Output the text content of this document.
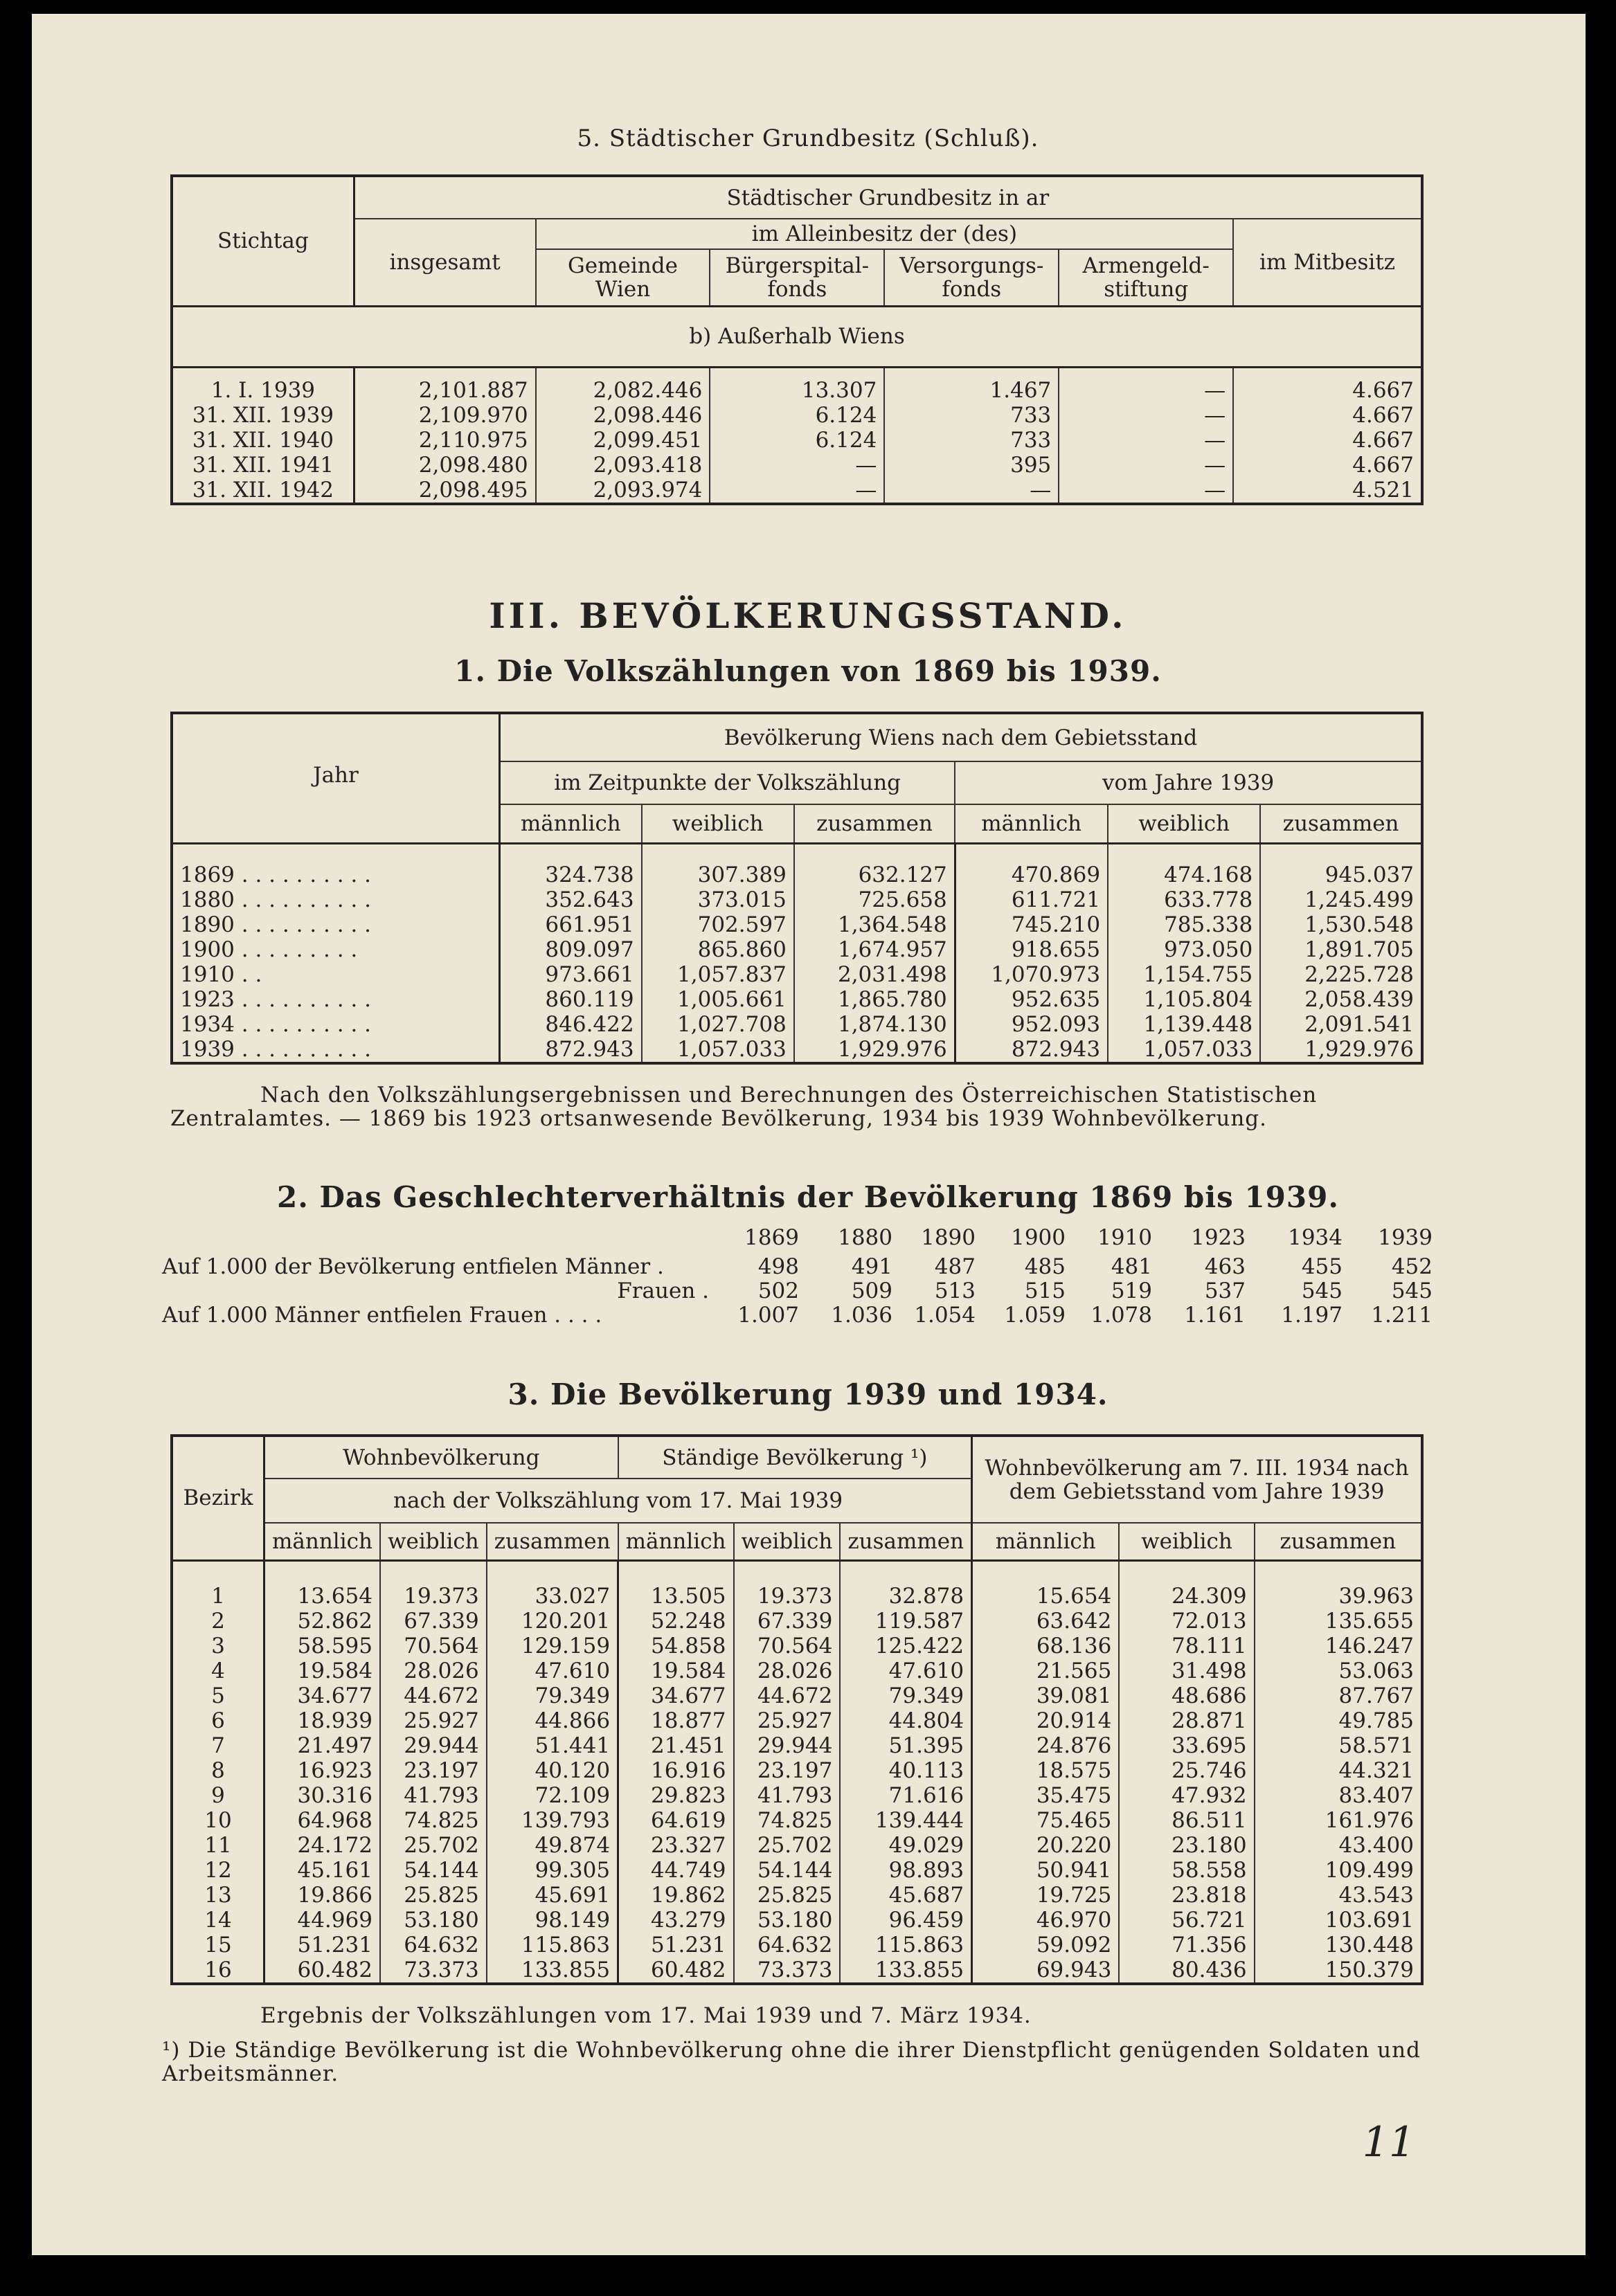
5. Städtischer Grundbesitz (Schluß).
Stichtag	Städtischer Grundbesitz in ar					
	insgesamt	im Alleinbesitz der (des)				im Mitbesitz
		Gemeinde Wien	Bürgerspital-fonds	Versorgungs-fonds	Armengeld-stiftung	
b) Außerhalb Wiens						
1. I. 1939	2,101.887	2,082.446	13.307	1.467	—	4.667
31. XII. 1939	2,109.970	2,098.446	6.124	733	—	4.667
31. XII. 1940	2,110.975	2,099.451	6.124	733	—	4.667
31. XII. 1941	2,098.480	2,093.418	—	395	—	4.667
31. XII. 1942	2,098.495	2,093.974	—	—	—	4.521
III. BEVÖLKERUNGSSTAND.
1. Die Volkszählungen von 1869 bis 1939.
Jahr	Bevölkerung Wiens nach dem Gebietsstand					
	im Zeitpunkte der Volkszählung			vom Jahre 1939		
	männlich	weiblich	zusammen	männlich	weiblich	zusammen
1869 . . . . . . . . . .	324.738	307.389	632.127	470.869	474.168	945.037
1880 . . . . . . . . . .	352.643	373.015	725.658	611.721	633.778	1,245.499
1890 . . . . . . . . . .	661.951	702.597	1,364.548	745.210	785.338	1,530.548
1900 . . . . . . . . .	809.097	865.860	1,674.957	918.655	973.050	1,891.705
1910 . .	973.661	1,057.837	2,031.498	1,070.973	1,154.755	2,225.728
1923 . . . . . . . . . .	860.119	1,005.661	1,865.780	952.635	1,105.804	2,058.439
1934 . . . . . . . . . .	846.422	1,027.708	1,874.130	952.093	1,139.448	2,091.541
1939 . . . . . . . . . .	872.943	1,057.033	1,929.976	872.943	1,057.033	1,929.976
Nach den Volkszählungsergebnissen und Berechnungen des Österreichischen Statistischen Zentralamtes. — 1869 bis 1923 ortsanwesende Bevölkerung, 1934 bis 1939 Wohnbevölkerung.
2. Das Geschlechterverhältnis der Bevölkerung 1869 bis 1939.
1869	1880	1890	1900	1910	1923	1934	1939
Auf 1.000 der Bevölkerung entfielen Männer .	498	491	487	485	481	463	455	452
Frauen .	502	509	513	515	519	537	545	545
Auf 1.000 Männer entfielen Frauen . . . .	1.007 1.036 1.054 1.059 1.078 1.161 1.197 1.211
3. Die Bevölkerung 1939 und 1934.
Bezirk	Wohnbevölkerung			Ständige Bevölkerung ¹)			Wohnbevölkerung am 7. III. 1934 nach dem Gebietsstand vom Jahre 1939		
	nach der Volkszählung vom 17. Mai 1939								
	männlich	weiblich	zusammen	männlich	weiblich	zusammen	männlich	weiblich	zusammen
1	13.654	19.373	33.027	13.505	19.373	32.878	15.654	24.309	39.963
2	52.862	67.339	120.201	52.248	67.339	119.587	63.642	72.013	135.655
3	58.595	70.564	129.159	54.858	70.564	125.422	68.136	78.111	146.247
4	19.584	28.026	47.610	19.584	28.026	47.610	21.565	31.498	53.063
5	34.677	44.672	79.349	34.677	44.672	79.349	39.081	48.686	87.767
6	18.939	25.927	44.866	18.877	25.927	44.804	20.914	28.871	49.785
7	21.497	29.944	51.441	21.451	29.944	51.395	24.876	33.695	58.571
8	16.923	23.197	40.120	16.916	23.197	40.113	18.575	25.746	44.321
9	30.316	41.793	72.109	29.823	41.793	71.616	35.475	47.932	83.407
10	64.968	74.825	139.793	64.619	74.825	139.444	75.465	86.511	161.976
11	24.172	25.702	49.874	23.327	25.702	49.029	20.220	23.180	43.400
12	45.161	54.144	99.305	44.749	54.144	98.893	50.941	58.558	109.499
13	19.866	25.825	45.691	19.862	25.825	45.687	19.725	23.818	43.543
14	44.969	53.180	98.149	43.279	53.180	96.459	46.970	56.721	103.691
15	51.231	64.632	115.863	51.231	64.632	115.863	59.092	71.356	130.448
16	60.482	73.373	133.855	60.482	73.373	133.855	69.943	80.436	150.379
Ergebnis der Volkszählungen vom 17. Mai 1939 und 7. März 1934.
¹) Die Ständige Bevölkerung ist die Wohnbevölkerung ohne die ihrer Dienstpflicht genügenden Soldaten und Arbeitsmänner.
11
